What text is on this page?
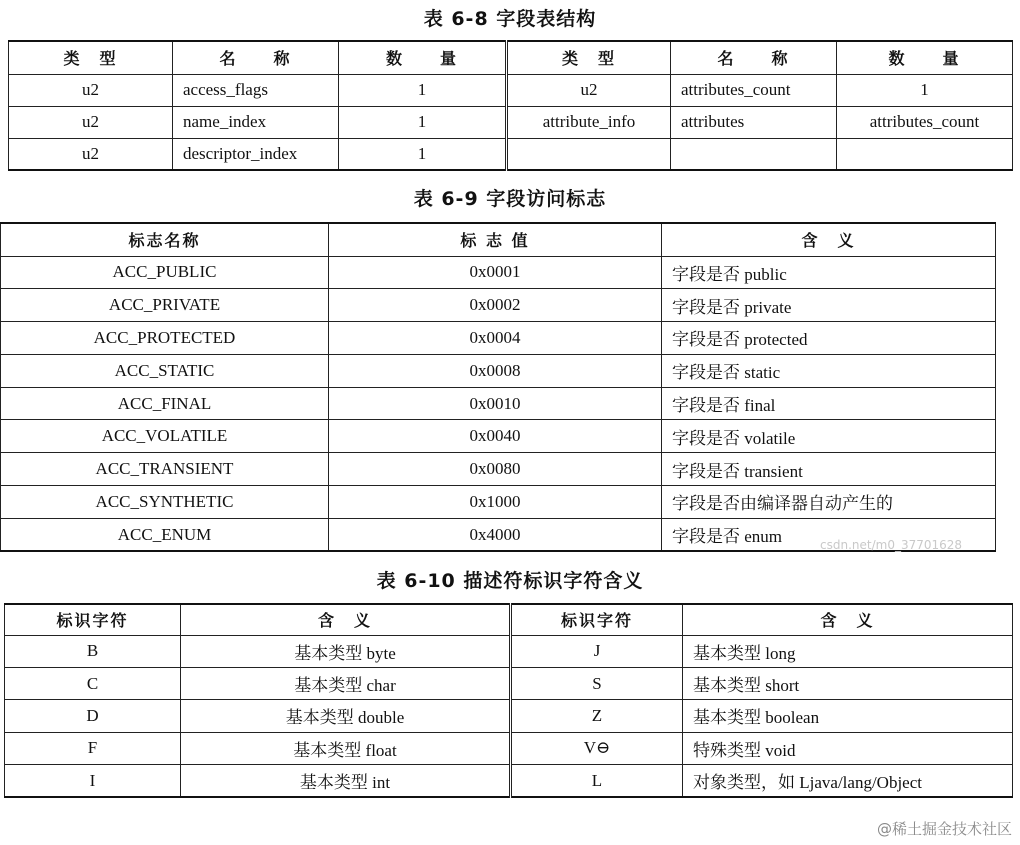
表 6-8 字段表结构
类　型	名　　称	数　　量	类　型	名　　称	数　　量
u2	access_flags	1	u2	attributes_count	1
u2	name_index	1	attribute_info	attributes	attributes_count
u2	descriptor_index	1			
表 6-9 字段访问标志
标志名称	标 志 值	含　义
ACC_PUBLIC	0x0001	字段是否 public
ACC_PRIVATE	0x0002	字段是否 private
ACC_PROTECTED	0x0004	字段是否 protected
ACC_STATIC	0x0008	字段是否 static
ACC_FINAL	0x0010	字段是否 final
ACC_VOLATILE	0x0040	字段是否 volatile
ACC_TRANSIENT	0x0080	字段是否 transient
ACC_SYNTHETIC	0x1000	字段是否由编译器自动产生的
ACC_ENUM	0x4000	字段是否 enum	csdn.net/m0_37701628
表 6-10 描述符标识字符含义
标识字符	含　义	标识字符	含　义
B	基本类型 byte	J	基本类型 long
C	基本类型 char	S	基本类型 short
D	基本类型 double	Z	基本类型 boolean
F	基本类型 float	V⊖	特殊类型 void
I	基本类型 int	L	对象类型，如 Ljava/lang/Object
@稀土掘金技术社区
